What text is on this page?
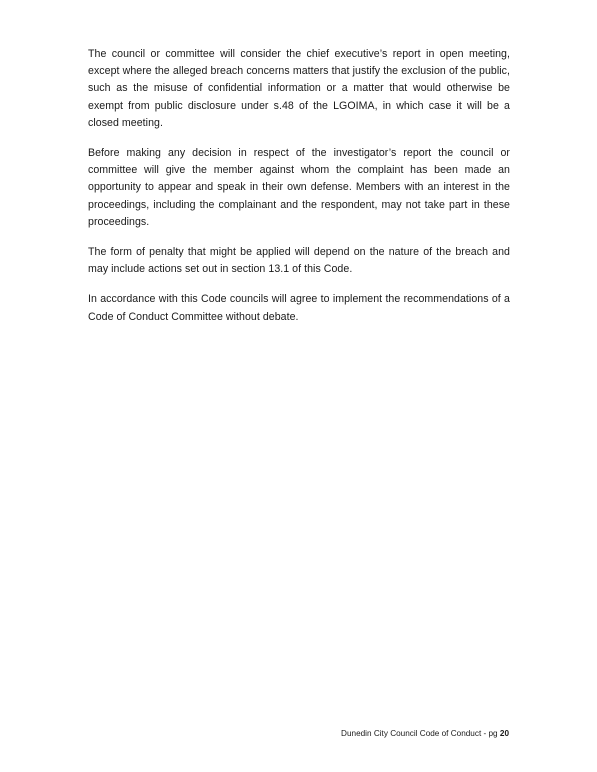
The council or committee will consider the chief executive’s report in open meeting, except where the alleged breach concerns matters that justify the exclusion of the public, such as the misuse of confidential information or a matter that would otherwise be exempt from public disclosure under s.48 of the LGOIMA, in which case it will be a closed meeting.

Before making any decision in respect of the investigator’s report the council or committee will give the member against whom the complaint has been made an opportunity to appear and speak in their own defense. Members with an interest in the proceedings, including the complainant and the respondent, may not take part in these proceedings.

The form of penalty that might be applied will depend on the nature of the breach and may include actions set out in section 13.1 of this Code.

In accordance with this Code councils will agree to implement the recommendations of a Code of Conduct Committee without debate.

Dunedin City Council Code of Conduct - pg 20
